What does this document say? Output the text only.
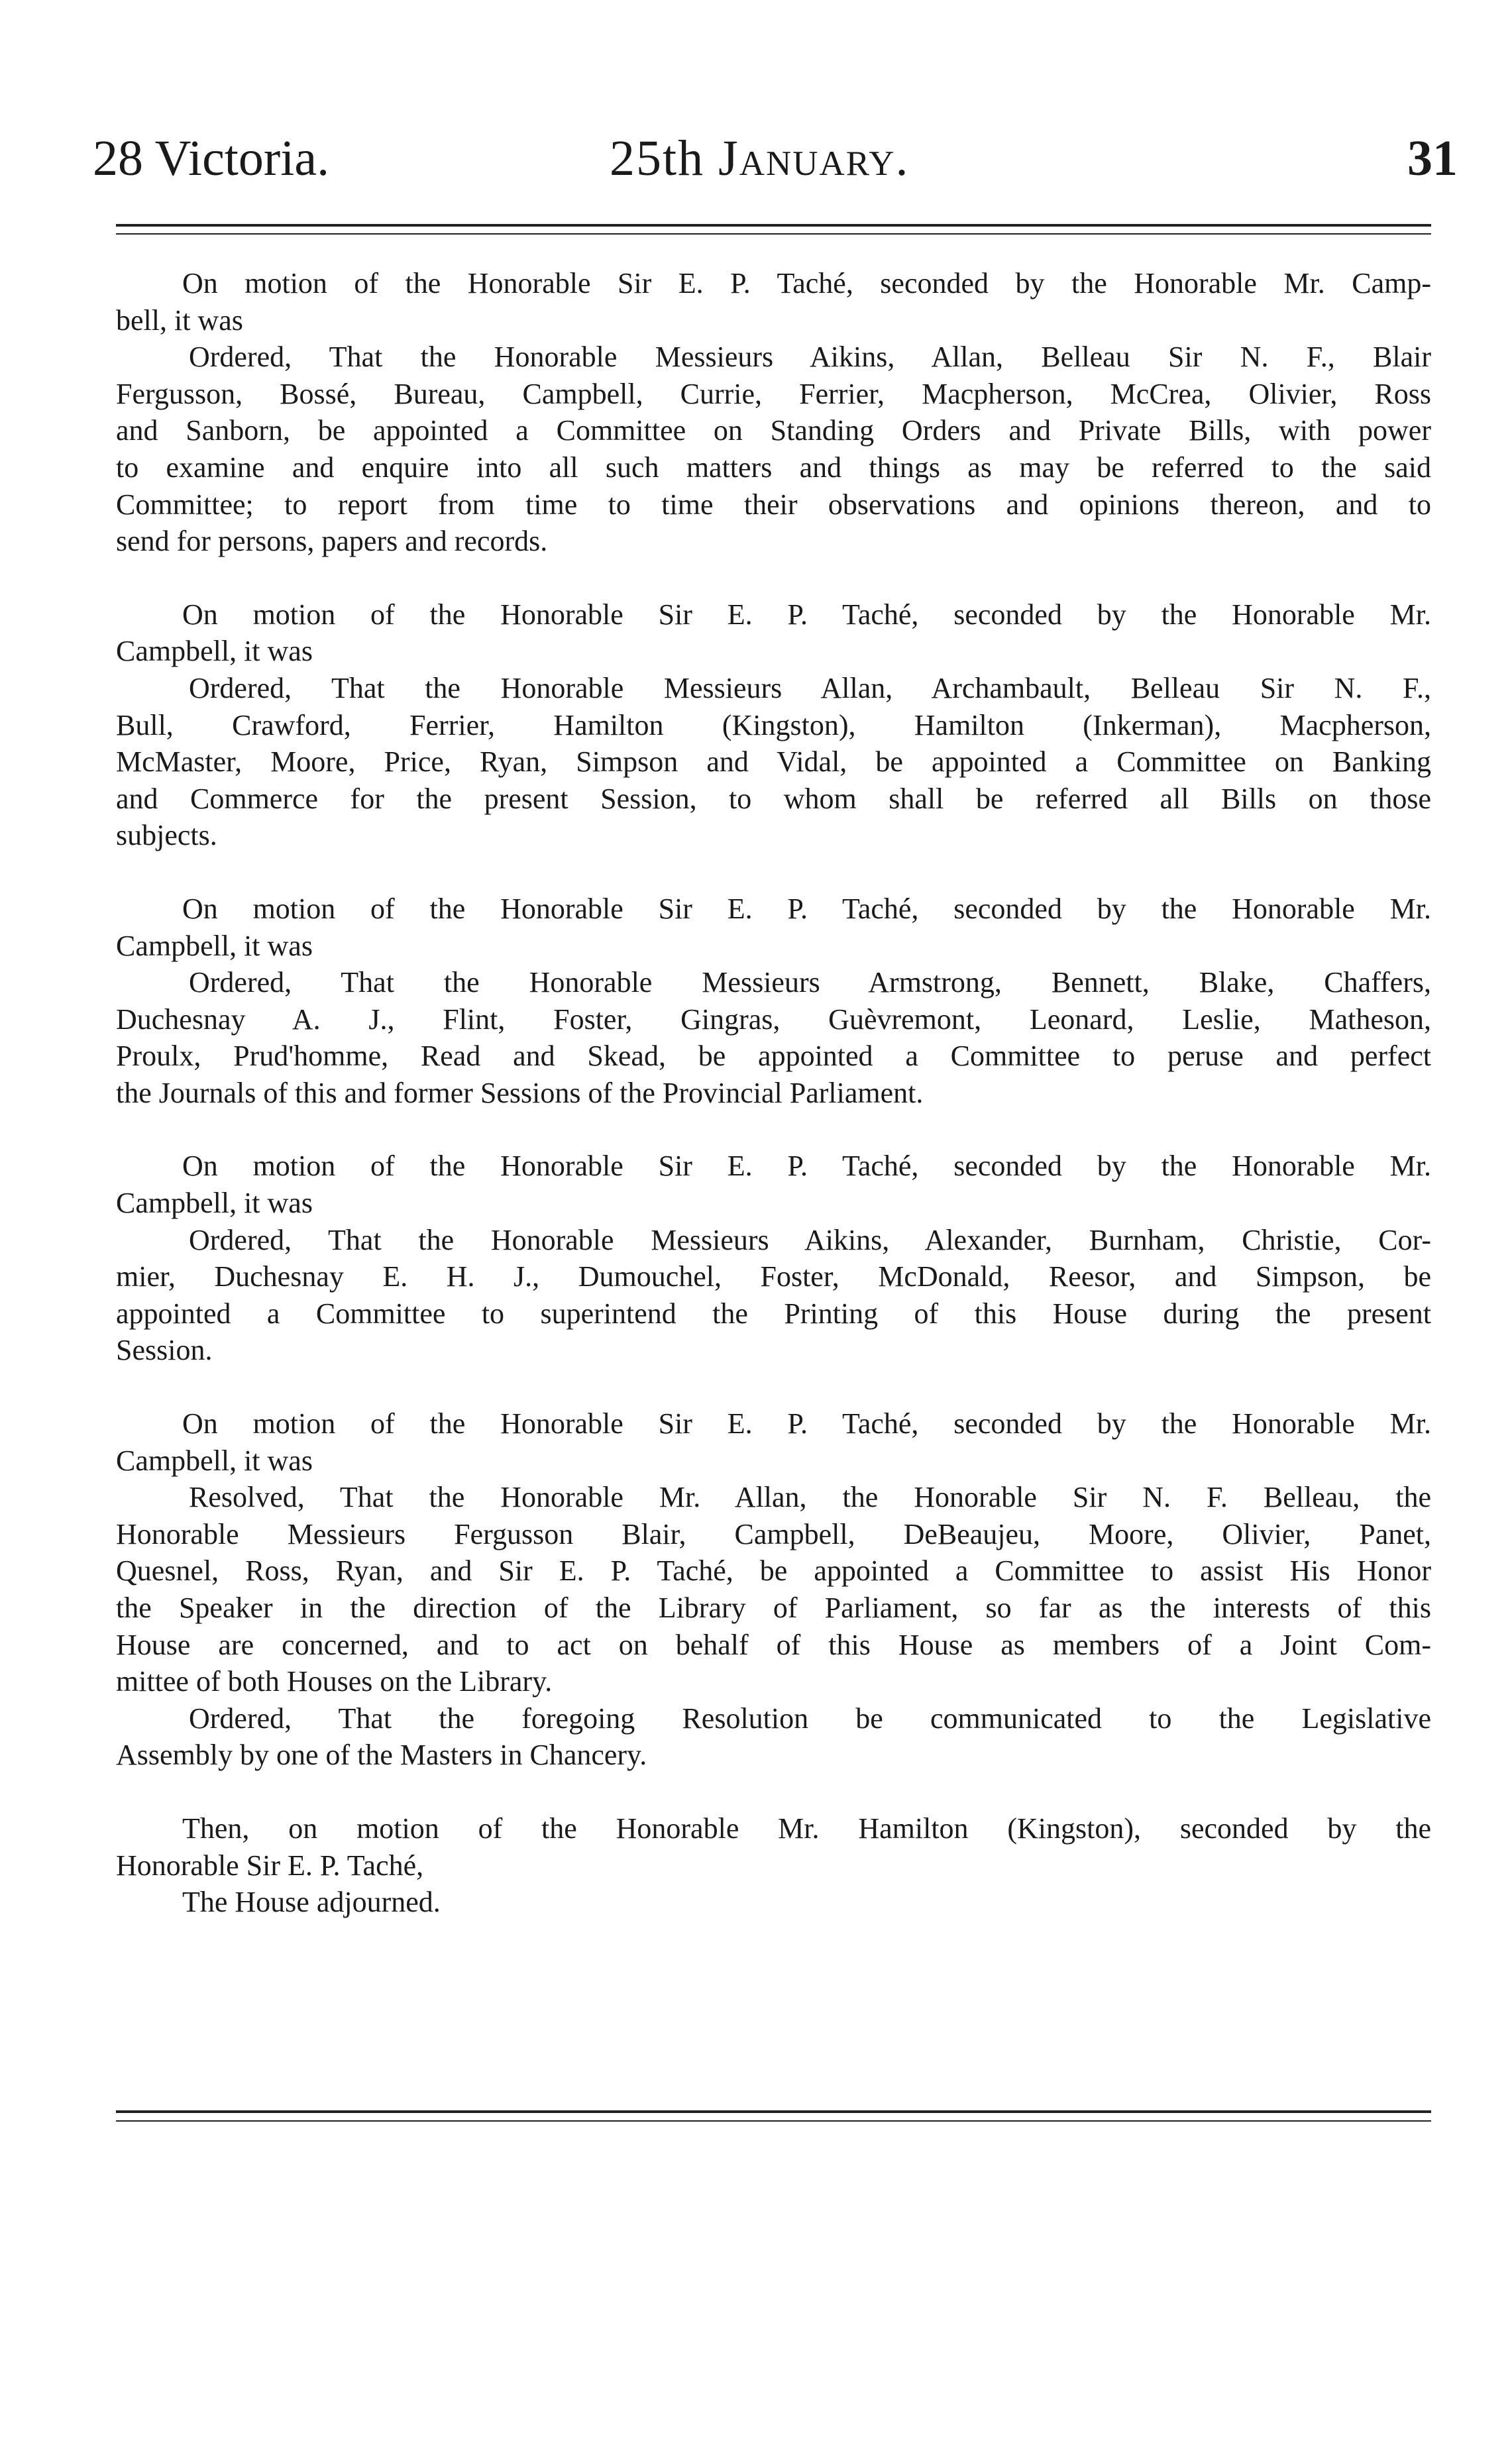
28 Victoria.	25th January.	31
On motion of the Honorable Sir E. P. Taché, seconded by the Honorable Mr. Camp-
bell, it was
Ordered, That the Honorable Messieurs Aikins, Allan, Belleau Sir N. F., Blair
Fergusson, Bossé, Bureau, Campbell, Currie, Ferrier, Macpherson, McCrea, Olivier, Ross
and Sanborn, be appointed a Committee on Standing Orders and Private Bills, with power
to examine and enquire into all such matters and things as may be referred to the said
Committee; to report from time to time their observations and opinions thereon, and to
send for persons, papers and records.
On motion of the Honorable Sir E. P. Taché, seconded by the Honorable Mr.
Campbell, it was
Ordered, That the Honorable Messieurs Allan, Archambault, Belleau Sir N. F.,
Bull, Crawford, Ferrier, Hamilton (Kingston), Hamilton (Inkerman), Macpherson,
McMaster, Moore, Price, Ryan, Simpson and Vidal, be appointed a Committee on Banking
and Commerce for the present Session, to whom shall be referred all Bills on those
subjects.
On motion of the Honorable Sir E. P. Taché, seconded by the Honorable Mr.
Campbell, it was
Ordered, That the Honorable Messieurs Armstrong, Bennett, Blake, Chaffers,
Duchesnay A. J., Flint, Foster, Gingras, Guèvremont, Leonard, Leslie, Matheson,
Proulx, Prud'homme, Read and Skead, be appointed a Committee to peruse and perfect
the Journals of this and former Sessions of the Provincial Parliament.
On motion of the Honorable Sir E. P. Taché, seconded by the Honorable Mr.
Campbell, it was
Ordered, That the Honorable Messieurs Aikins, Alexander, Burnham, Christie, Cor-
mier, Duchesnay E. H. J., Dumouchel, Foster, McDonald, Reesor, and Simpson, be
appointed a Committee to superintend the Printing of this House during the present
Session.
On motion of the Honorable Sir E. P. Taché, seconded by the Honorable Mr.
Campbell, it was
Resolved, That the Honorable Mr. Allan, the Honorable Sir N. F. Belleau, the
Honorable Messieurs Fergusson Blair, Campbell, DeBeaujeu, Moore, Olivier, Panet,
Quesnel, Ross, Ryan, and Sir E. P. Taché, be appointed a Committee to assist His Honor
the Speaker in the direction of the Library of Parliament, so far as the interests of this
House are concerned, and to act on behalf of this House as members of a Joint Com-
mittee of both Houses on the Library.
Ordered, That the foregoing Resolution be communicated to the Legislative
Assembly by one of the Masters in Chancery.
Then, on motion of the Honorable Mr. Hamilton (Kingston), seconded by the
Honorable Sir E. P. Taché,
The House adjourned.
